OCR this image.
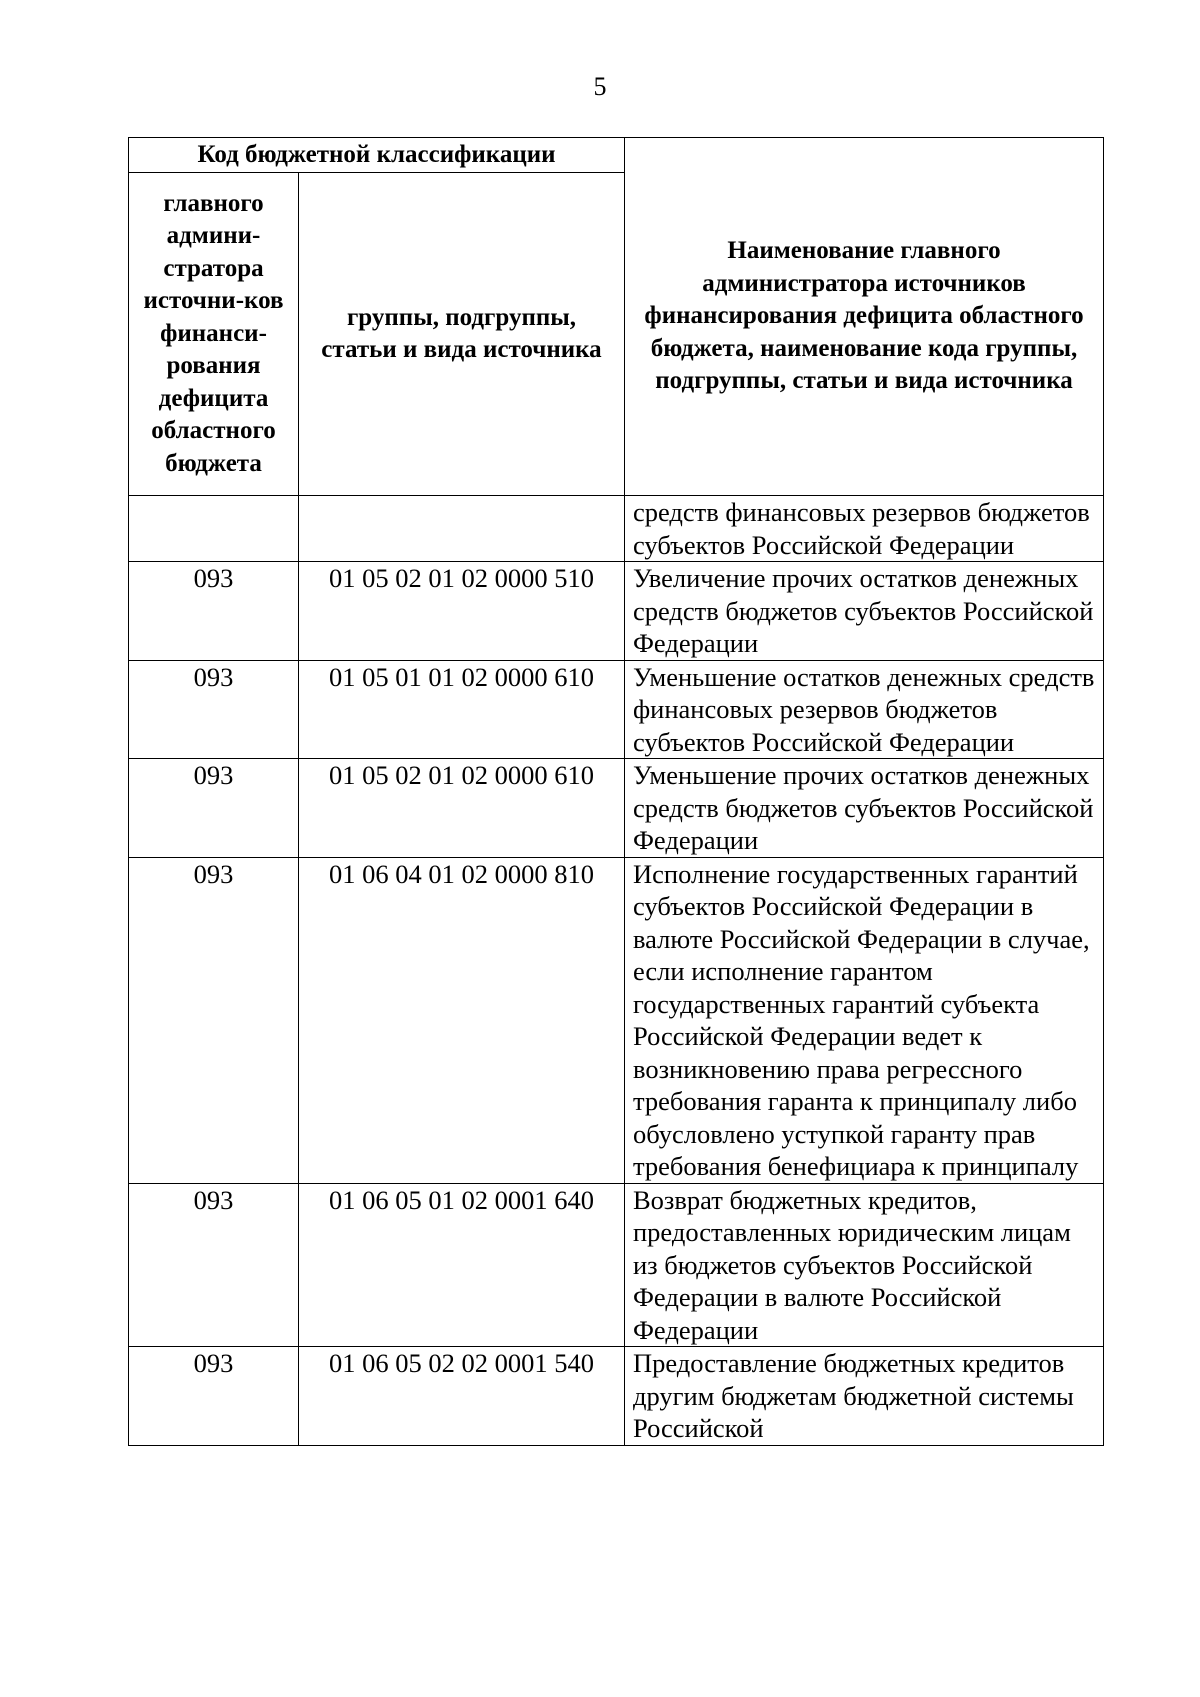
5
Код бюджетной классификации		Наименование главного администратора источников финансирования дефицита областного бюджета, наименование кода группы, подгруппы, статьи и вида источника
главного админи-стратора источни-ков финанси-рования дефицита областного бюджета	группы, подгруппы, статьи и вида источника	
		средств финансовых резервов бюджетов субъектов Российской Федерации
093	01 05 02 01 02 0000 510	Увеличение прочих остатков денежных средств бюджетов субъектов Российской Федерации
093	01 05 01 01 02 0000 610	Уменьшение остатков денежных средств финансовых резервов бюджетов субъектов Российской Федерации
093	01 05 02 01 02 0000 610	Уменьшение прочих остатков денежных средств бюджетов субъектов Российской Федерации
093	01 06 04 01 02 0000 810	Исполнение государственных гарантий субъектов Российской Федерации в валюте Российской Федерации в случае, если исполнение гарантом государственных гарантий субъекта Российской Федерации ведет к возникновению права регрессного требования гаранта к принципалу либо обусловлено уступкой гаранту прав требования бенефициара к принципалу
093	01 06 05 01 02 0001 640	Возврат бюджетных кредитов, предоставленных юридическим лицам из бюджетов субъектов Российской Федерации в валюте Российской Федерации
093	01 06 05 02 02 0001 540	Предоставление бюджетных кредитов другим бюджетам бюджетной системы Российской
